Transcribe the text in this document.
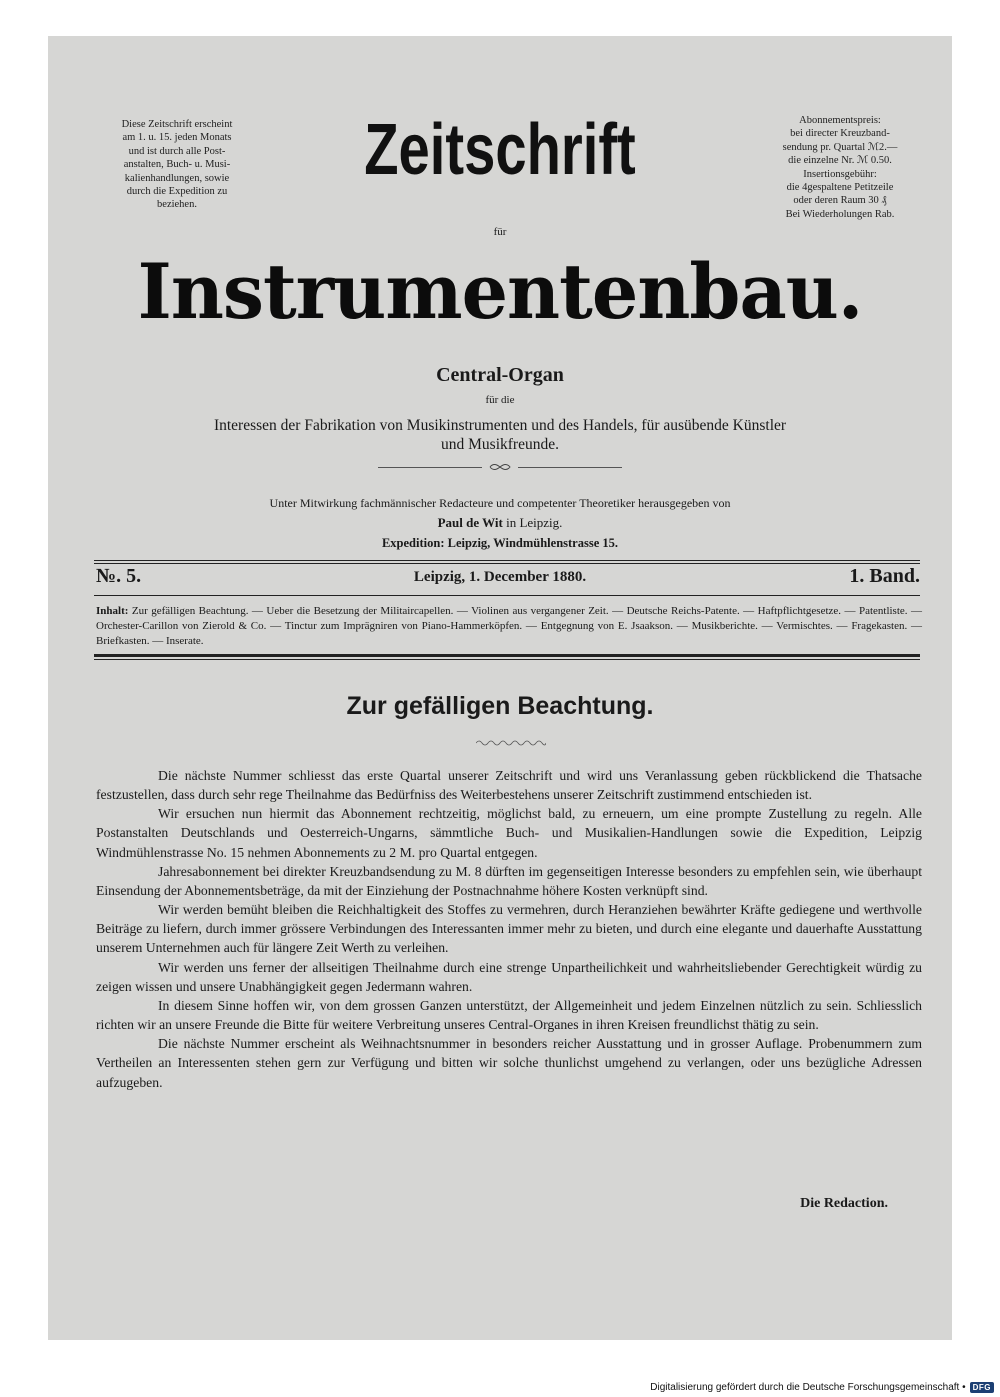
Diese Zeitschrift erscheint
am 1. u. 15. jeden Monats
und ist durch alle Post-
anstalten, Buch- u. Musi-
kalienhandlungen, sowie
durch die Expedition zu
beziehen.
Zeitschrift	Abonnementspreis:
bei directer Kreuzband-
sendung pr. Quartal ℳ2.—
die einzelne Nr. ℳ 0.50.
Insertionsgebühr:
die 4gespaltene Petitzeile
oder deren Raum 30 ₰
Bei Wiederholungen Rab.
für
Instrumentenbau.
Central-Organ
für die
Interessen der Fabrikation von Musikinstrumenten und des Handels, für ausübende Künstler
und Musikfreunde.
Unter Mitwirkung fachmännischer Redacteure und competenter Theoretiker herausgegeben von
Paul de Wit in Leipzig.
Expedition: Leipzig, Windmühlenstrasse 15.
№. 5.	Leipzig, 1. December 1880.	1. Band.
Inhalt: Zur gefälligen Beachtung. — Ueber die Besetzung der Militaircapellen. — Violinen aus vergangener Zeit. — Deutsche Reichs-Patente. — Haftpflichtgesetze. — Patentliste. — Orchester-Carillon von Zierold & Co. — Tinctur zum Imprägniren von Piano-Hammerköpfen. — Entgegnung von E. Jsaakson. — Musikberichte. — Vermischtes. — Fragekasten. — Briefkasten. — Inserate.
Zur gefälligen Beachtung.

Die nächste Nummer schliesst das erste Quartal unserer Zeitschrift und wird uns Veranlassung geben rückblickend die Thatsache festzustellen, dass durch sehr rege Theilnahme das Bedürfniss des Weiterbestehens unserer Zeitschrift zustimmend entschieden ist.

Wir ersuchen nun hiermit das Abonnement rechtzeitig, möglichst bald, zu erneuern, um eine prompte Zustellung zu regeln. Alle Postanstalten Deutschlands und Oesterreich-Ungarns, sämmtliche Buch- und Musikalien-Handlungen sowie die Expedition, Leipzig Windmühlenstrasse No. 15 nehmen Abonnements zu 2 M. pro Quartal entgegen.

Jahresabonnement bei direkter Kreuzbandsendung zu M. 8 dürften im gegenseitigen Interesse besonders zu empfehlen sein, wie überhaupt Einsendung der Abonnementsbeträge, da mit der Einziehung der Postnachnahme höhere Kosten verknüpft sind.

Wir werden bemüht bleiben die Reichhaltigkeit des Stoffes zu vermehren, durch Heranziehen bewährter Kräfte gediegene und werthvolle Beiträge zu liefern, durch immer grössere Verbindungen des Interessanten immer mehr zu bieten, und durch eine elegante und dauerhafte Ausstattung unserem Unternehmen auch für längere Zeit Werth zu verleihen.

Wir werden uns ferner der allseitigen Theilnahme durch eine strenge Unpartheilichkeit und wahrheitsliebender Gerechtigkeit würdig zu zeigen wissen und unsere Unabhängigkeit gegen Jedermann wahren.

In diesem Sinne hoffen wir, von dem grossen Ganzen unterstützt, der Allgemeinheit und jedem Einzelnen nützlich zu sein. Schliesslich richten wir an unsere Freunde die Bitte für weitere Verbreitung unseres Central-Organes in ihren Kreisen freundlichst thätig zu sein.

Die nächste Nummer erscheint als Weihnachtsnummer in besonders reicher Ausstattung und in grosser Auflage. Probenummern zum Vertheilen an Interessenten stehen gern zur Verfügung und bitten wir solche thunlichst umgehend zu verlangen, oder uns bezügliche Adressen aufzugeben.

Die Redaction.
Digitalisierung gefördert durch die Deutsche Forschungsgemeinschaft • DFG
